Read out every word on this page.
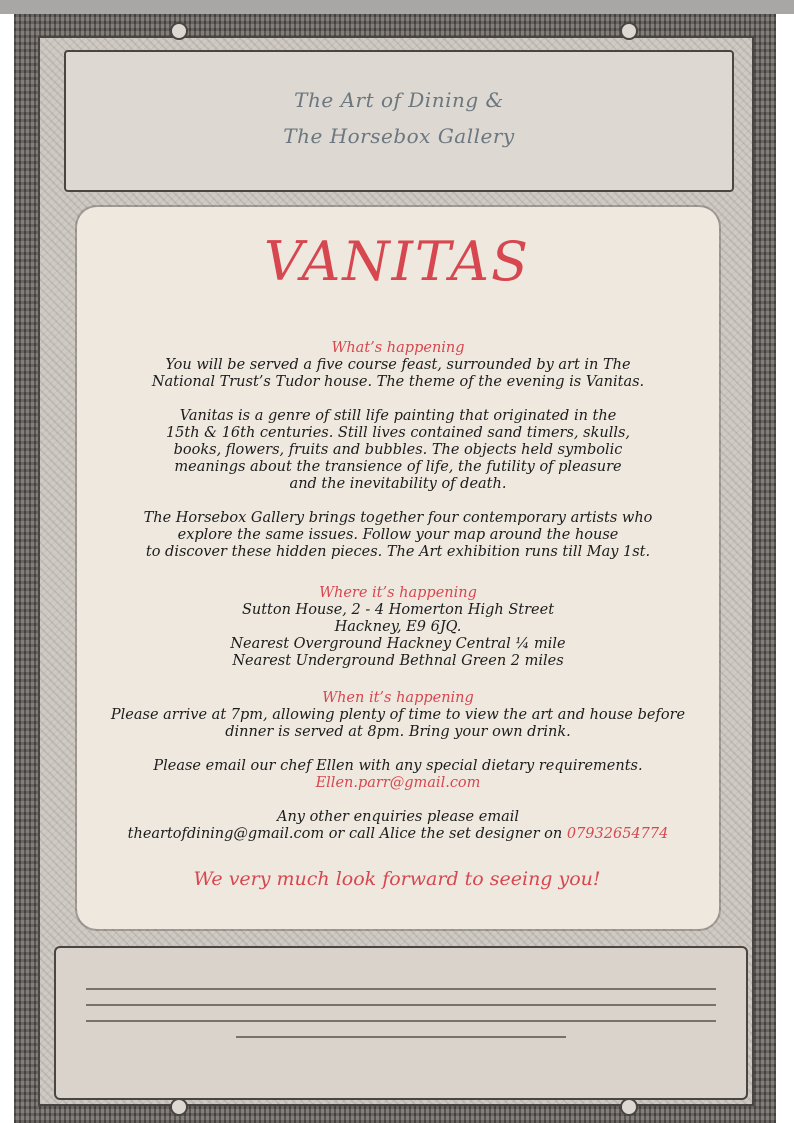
The Art of Dining &
The Horsebox Gallery
VANITAS
What’s happening
You will be served a five course feast, surrounded by art in The
National Trust’s Tudor house. The theme of the evening is Vanitas.
Vanitas is a genre of still life painting that originated in the
15th & 16th centuries. Still lives contained sand timers, skulls,
books, flowers, fruits and bubbles. The objects held symbolic
meanings about the transience of life, the futility of pleasure
and the inevitability of death.
The Horsebox Gallery brings together four contemporary artists who
explore the same issues. Follow your map around the house
to discover these hidden pieces. The Art exhibition runs till May 1st.
Where it’s happening
Sutton House, 2 - 4 Homerton High Street
Hackney, E9 6JQ.
Nearest Overground Hackney Central ¼ mile
Nearest Underground Bethnal Green 2 miles
When it’s happening
Please arrive at 7pm, allowing plenty of time to view the art and house before
dinner is served at 8pm. Bring your own drink.
Please email our chef Ellen with any special dietary requirements.
Ellen.parr@gmail.com
Any other enquiries please email
theartofdining@gmail.com or call Alice the set designer on 07932654774
We very much look forward to seeing you!
